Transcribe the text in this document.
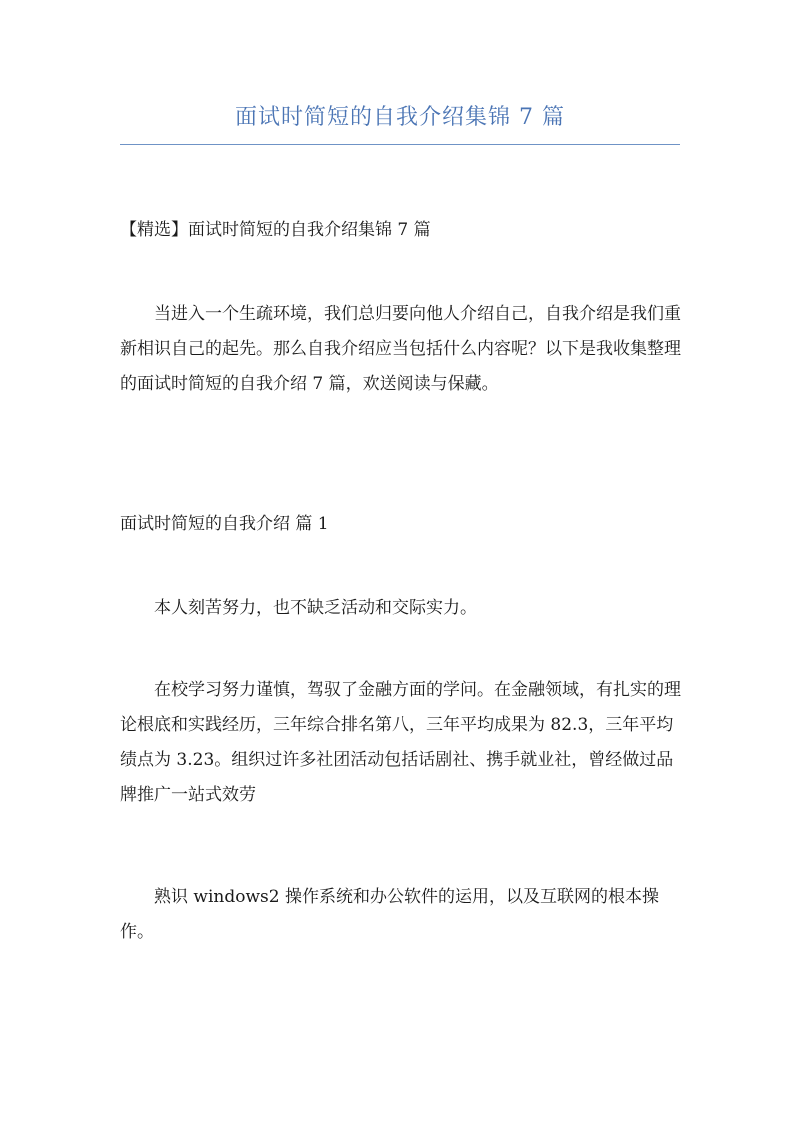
面试时简短的自我介绍集锦 7 篇

【精选】面试时简短的自我介绍集锦 7 篇

当进入一个生疏环境，我们总归要向他人介绍自己，自我介绍是我们重新相识自己的起先。那么自我介绍应当包括什么内容呢？以下是我收集整理的面试时简短的自我介绍 7 篇，欢送阅读与保藏。

面试时简短的自我介绍 篇 1

本人刻苦努力，也不缺乏活动和交际实力。

在校学习努力谨慎，驾驭了金融方面的学问。在金融领域，有扎实的理论根底和实践经历，三年综合排名第八，三年平均成果为 82.3，三年平均绩点为 3.23。组织过许多社团活动包括话剧社、携手就业社，曾经做过品牌推广一站式效劳

熟识 windows2 操作系统和办公软件的运用，以及互联网的根本操作。
